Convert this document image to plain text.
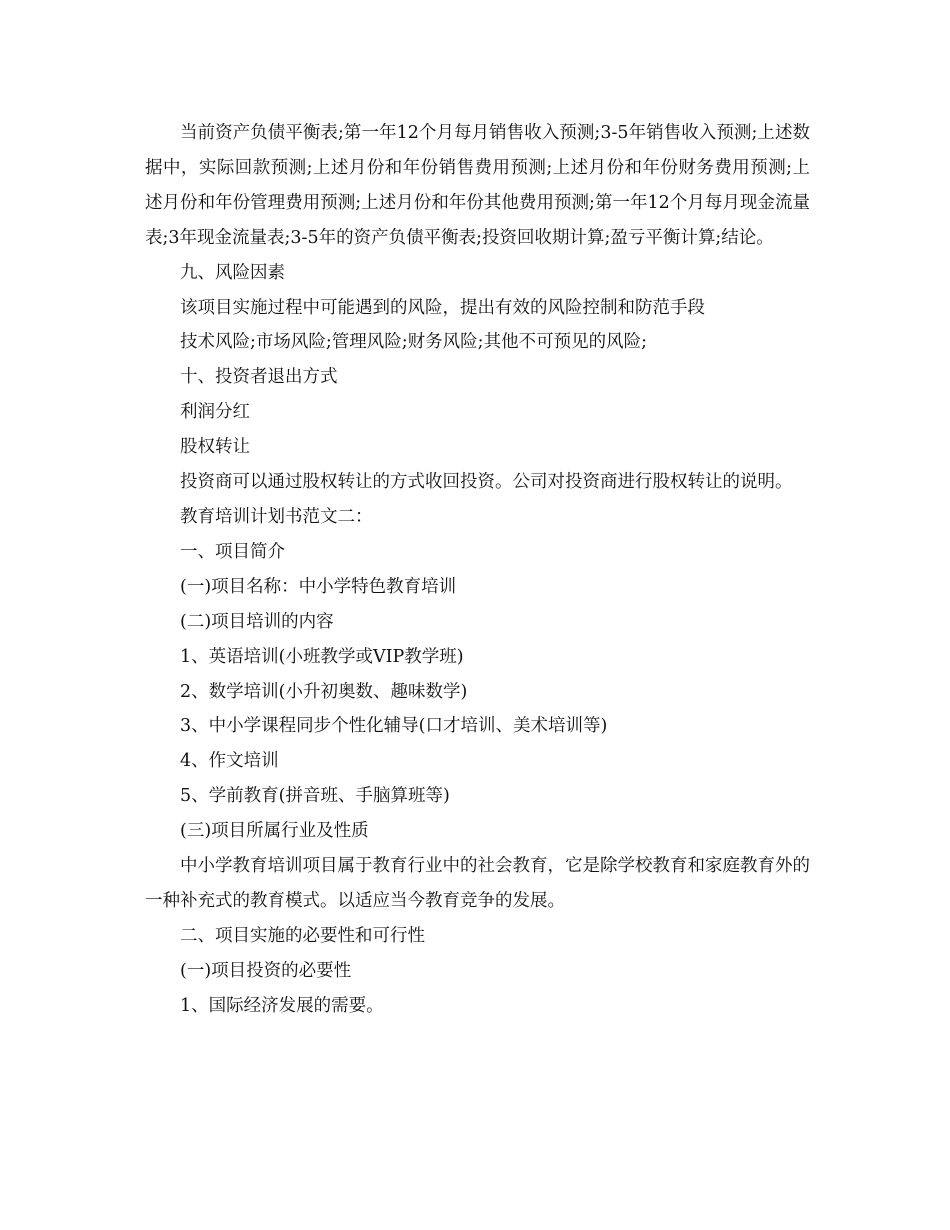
当前资产负债平衡表;第一年12个月每月销售收入预测;3-5年销售收入预测;上述数据中，实际回款预测;上述月份和年份销售费用预测;上述月份和年份财务费用预测;上述月份和年份管理费用预测;上述月份和年份其他费用预测;第一年12个月每月现金流量表;3年现金流量表;3-5年的资产负债平衡表;投资回收期计算;盈亏平衡计算;结论。

九、风险因素

该项目实施过程中可能遇到的风险，提出有效的风险控制和防范手段

技术风险;市场风险;管理风险;财务风险;其他不可预见的风险;

十、投资者退出方式

利润分红

股权转让

投资商可以通过股权转让的方式收回投资。公司对投资商进行股权转让的说明。

教育培训计划书范文二：

一、项目简介

(一)项目名称：中小学特色教育培训

(二)项目培训的内容

1、英语培训(小班教学或VIP教学班)

2、数学培训(小升初奥数、趣味数学)

3、中小学课程同步个性化辅导(口才培训、美术培训等)

4、作文培训

5、学前教育(拼音班、手脑算班等)

(三)项目所属行业及性质

中小学教育培训项目属于教育行业中的社会教育，它是除学校教育和家庭教育外的一种补充式的教育模式。以适应当今教育竞争的发展。

二、项目实施的必要性和可行性

(一)项目投资的必要性

1、国际经济发展的需要。
